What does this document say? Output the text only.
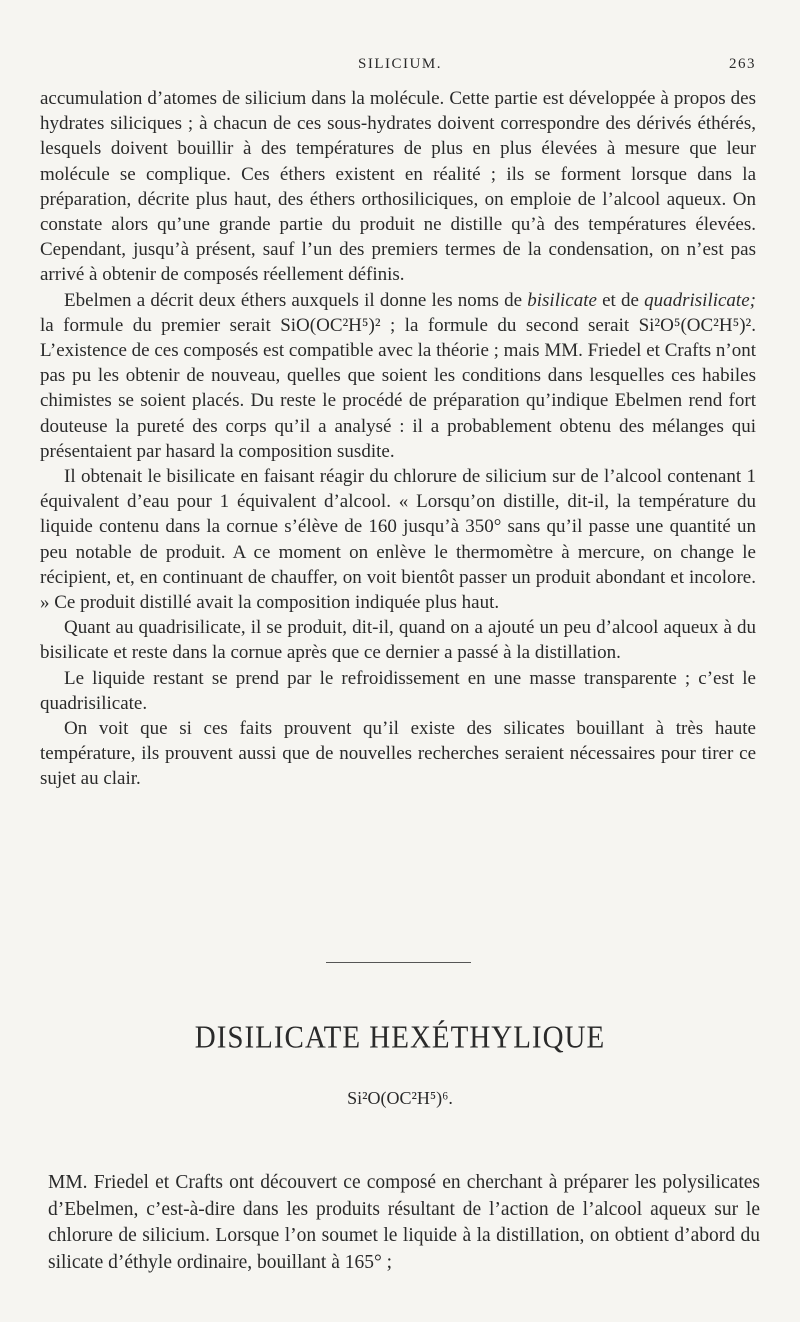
SILICIUM.	263

accumulation d’atomes de silicium dans la molécule. Cette partie est développée à propos des hydrates siliciques ; à chacun de ces sous-hydrates doivent correspondre des dérivés éthérés, lesquels doivent bouillir à des températures de plus en plus élevées à mesure que leur molécule se complique. Ces éthers existent en réalité ; ils se forment lorsque dans la préparation, décrite plus haut, des éthers orthosiliciques, on emploie de l’alcool aqueux. On constate alors qu’une grande partie du produit ne distille qu’à des températures élevées. Cependant, jusqu’à présent, sauf l’un des premiers termes de la condensation, on n’est pas arrivé à obtenir de composés réellement définis.

Ebelmen a décrit deux éthers auxquels il donne les noms de bisilicate et de quadrisilicate; la formule du premier serait SiO(OC²H⁵)² ; la formule du second serait Si²O⁵(OC²H⁵)². L’existence de ces composés est compatible avec la théorie ; mais MM. Friedel et Crafts n’ont pas pu les obtenir de nouveau, quelles que soient les conditions dans lesquelles ces habiles chimistes se soient placés. Du reste le procédé de préparation qu’indique Ebelmen rend fort douteuse la pureté des corps qu’il a analysé : il a probablement obtenu des mélanges qui présentaient par hasard la composition susdite.

Il obtenait le bisilicate en faisant réagir du chlorure de silicium sur de l’alcool contenant 1 équivalent d’eau pour 1 équivalent d’alcool. « Lorsqu’on distille, dit-il, la température du liquide contenu dans la cornue s’élève de 160 jusqu’à 350° sans qu’il passe une quantité un peu notable de produit. A ce moment on enlève le thermomètre à mercure, on change le récipient, et, en continuant de chauffer, on voit bientôt passer un produit abondant et incolore. » Ce produit distillé avait la composition indiquée plus haut.

Quant au quadrisilicate, il se produit, dit-il, quand on a ajouté un peu d’alcool aqueux à du bisilicate et reste dans la cornue après que ce dernier a passé à la distillation.

Le liquide restant se prend par le refroidissement en une masse transparente ; c’est le quadrisilicate.

On voit que si ces faits prouvent qu’il existe des silicates bouillant à très haute température, ils prouvent aussi que de nouvelles recherches seraient nécessaires pour tirer ce sujet au clair.

DISILICATE HEXÉTHYLIQUE
Si²O(OC²H⁵)⁶.

MM. Friedel et Crafts ont découvert ce composé en cherchant à préparer les polysilicates d’Ebelmen, c’est-à-dire dans les produits résultant de l’action de l’alcool aqueux sur le chlorure de silicium. Lorsque l’on soumet le liquide à la distillation, on obtient d’abord du silicate d’éthyle ordinaire, bouillant à 165° ;
